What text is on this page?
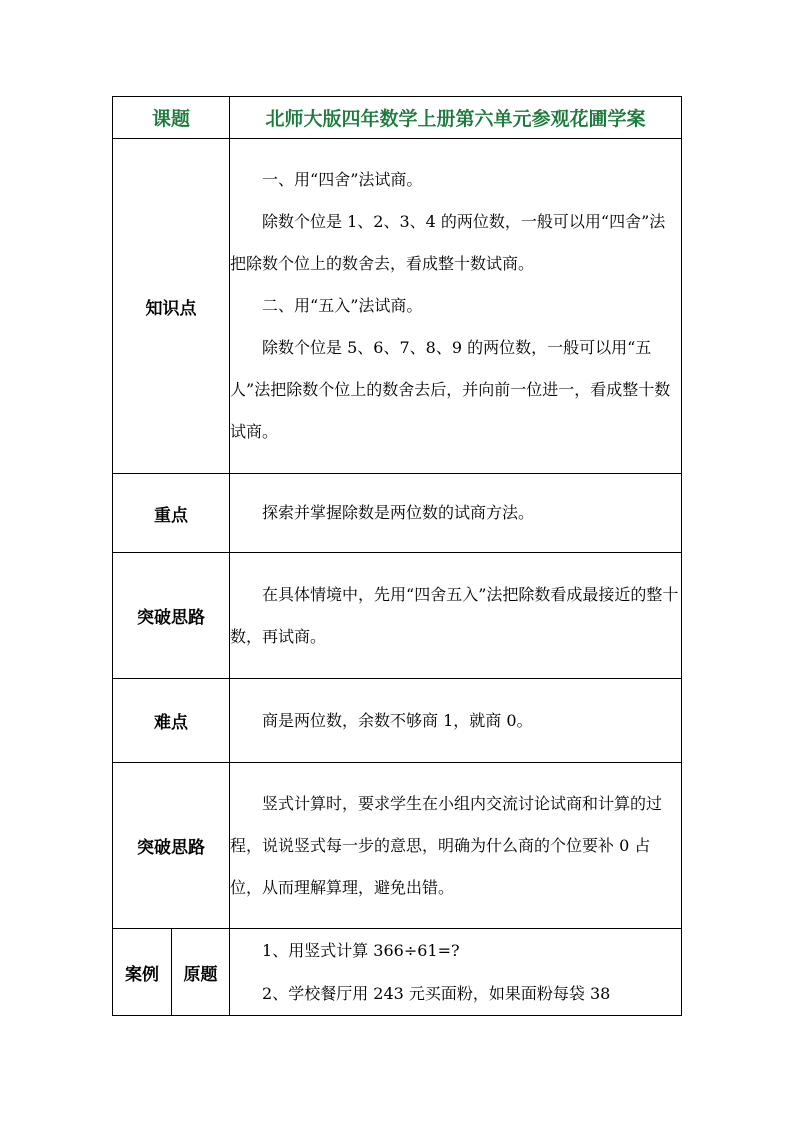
课题		北师大版四年数学上册第六单元参观花圃学案
知识点		一、用“四舍”法试商。

除数个位是 1、2、3、4 的两位数，一般可以用“四舍”法把除数个位上的数舍去，看成整十数试商。

二、用“五入”法试商。

除数个位是 5、6、7、8、9 的两位数，一般可以用“五人”法把除数个位上的数舍去后，并向前一位进一，看成整十数试商。

重点		探索并掌握除数是两位数的试商方法。

突破思路		在具体情境中，先用“四舍五入”法把除数看成最接近的整十数，再试商。

难点		商是两位数，余数不够商 1，就商 0。

突破思路		竖式计算时，要求学生在小组内交流讨论试商和计算的过程，说说竖式每一步的意思，明确为什么商的个位要补 0 占位，从而理解算理，避免出错。

案例	原题	1、用竖式计算 366÷61=?

2、学校餐厅用 243 元买面粉，如果面粉每袋 38
